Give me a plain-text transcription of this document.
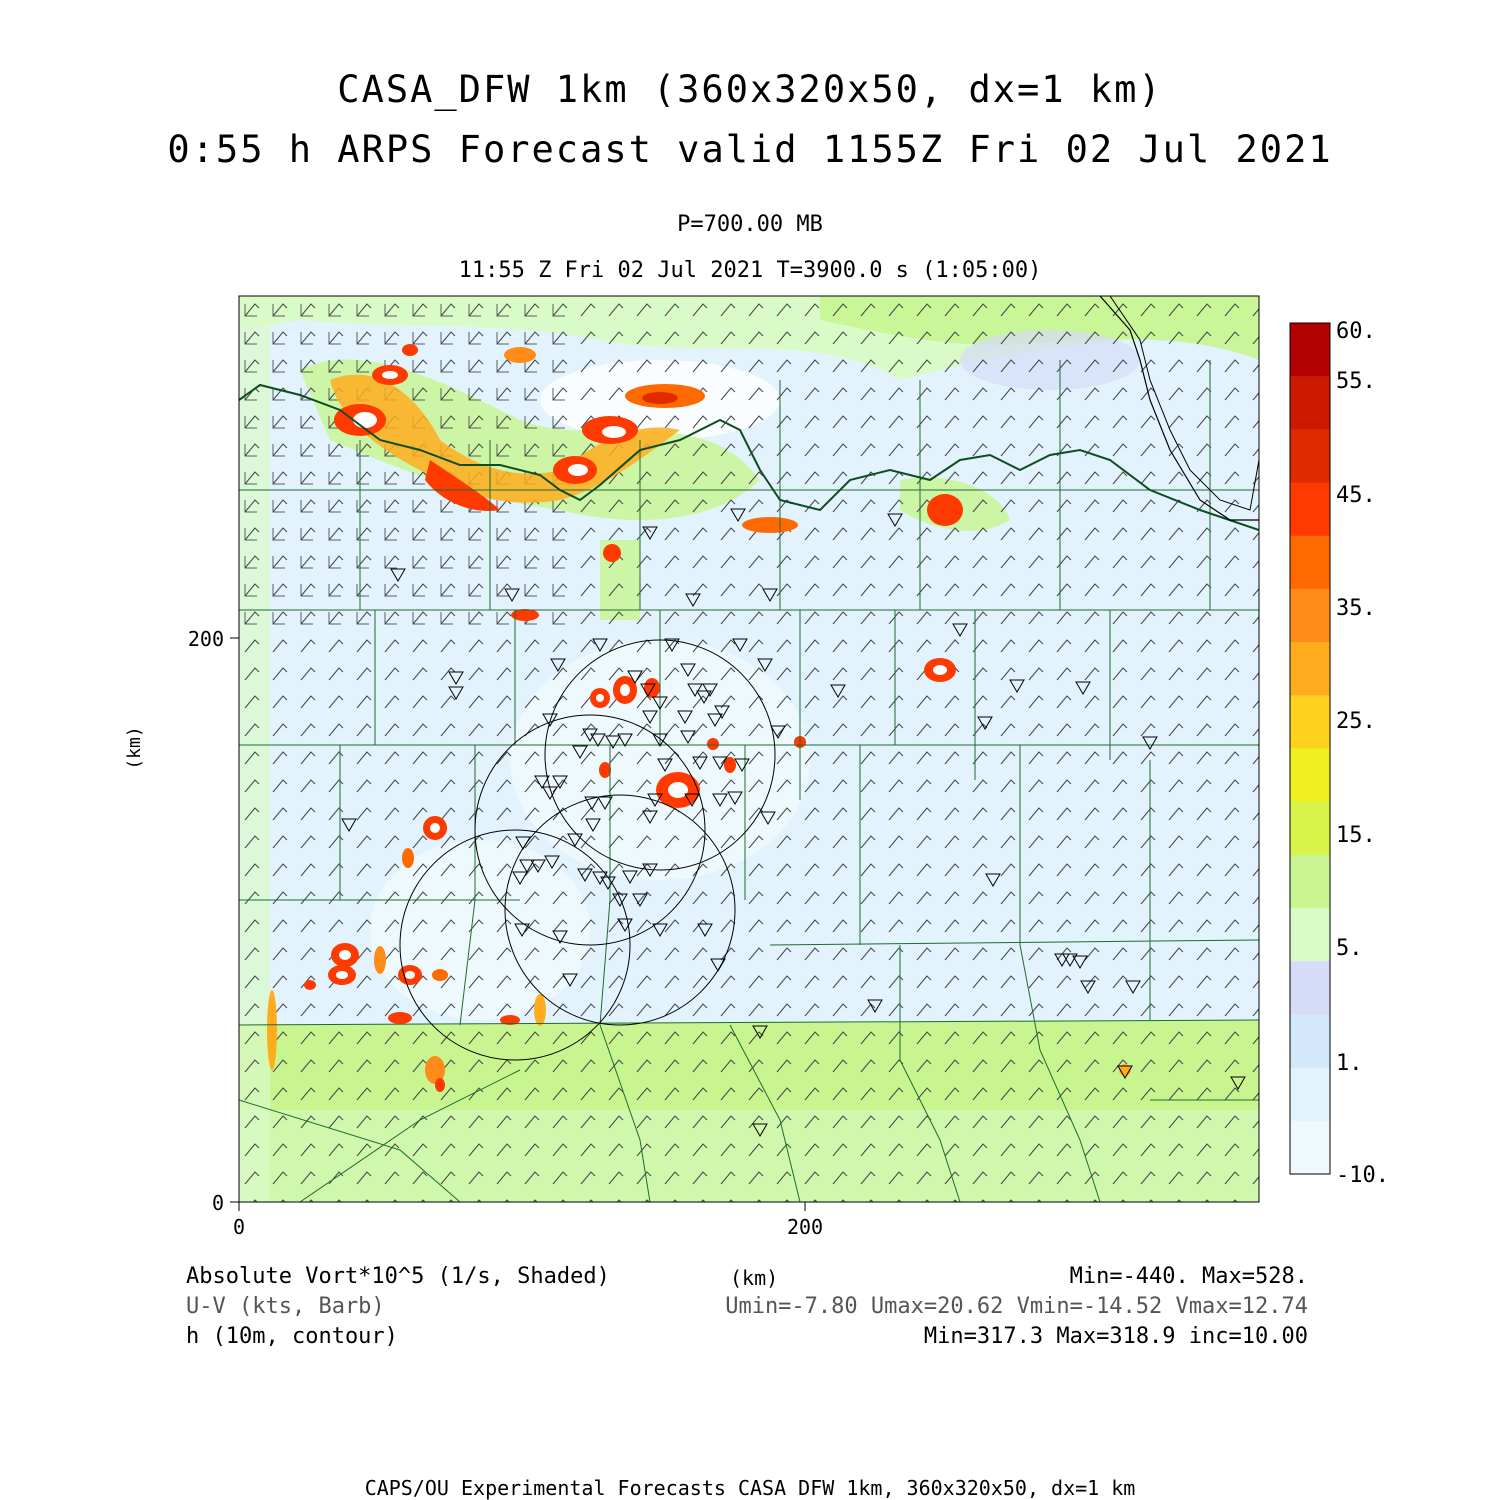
CASA_DFW 1km (360x320x50, dx=1 km)
0:55 h ARPS Forecast valid 1155Z Fri 02 Jul 2021
P=700.00 MB
11:55 Z Fri 02 Jul 2021 T=3900.0 s (1:05:00)
200
0
0	200
(km)
60.
55.
45.
35.
25.
15.
5.
1.
-10.
Absolute Vort*10^5 (1/s, Shaded)	(km)	Min=-440. Max=528.
U-V (kts, Barb)	Umin=-7.80 Umax=20.62 Vmin=-14.52 Vmax=12.74
h (10m, contour)	Min=317.3 Max=318.9 inc=10.00
CAPS/OU Experimental Forecasts CASA DFW 1km, 360x320x50, dx=1 km
